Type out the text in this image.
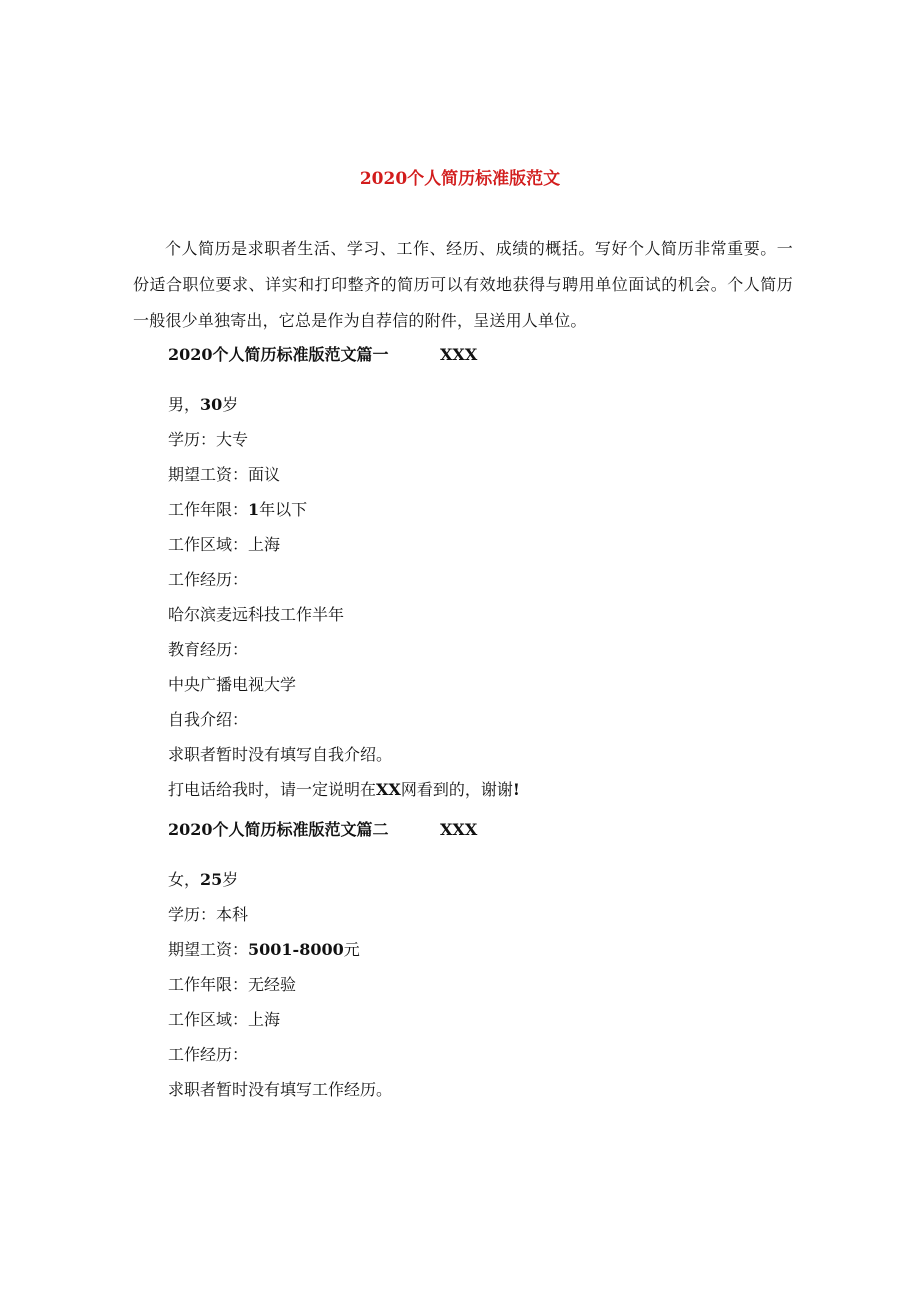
2020个人简历标准版范文
个人简历是求职者生活、学习、工作、经历、成绩的概括。写好个人简历非常重要。一份适合职位要求、详实和打印整齐的简历可以有效地获得与聘用单位面试的机会。个人简历一般很少单独寄出，它总是作为自荐信的附件，呈送用人单位。
2020个人简历标准版范文篇一	XXX
男，30岁
学历：大专
期望工资：面议
工作年限：1年以下
工作区域：上海
工作经历：
哈尔滨麦远科技工作半年
教育经历：
中央广播电视大学
自我介绍：
求职者暂时没有填写自我介绍。
打电话给我时，请一定说明在XX网看到的，谢谢!
2020个人简历标准版范文篇二	XXX
女，25岁
学历：本科
期望工资：5001-8000元
工作年限：无经验
工作区域：上海
工作经历：
求职者暂时没有填写工作经历。
